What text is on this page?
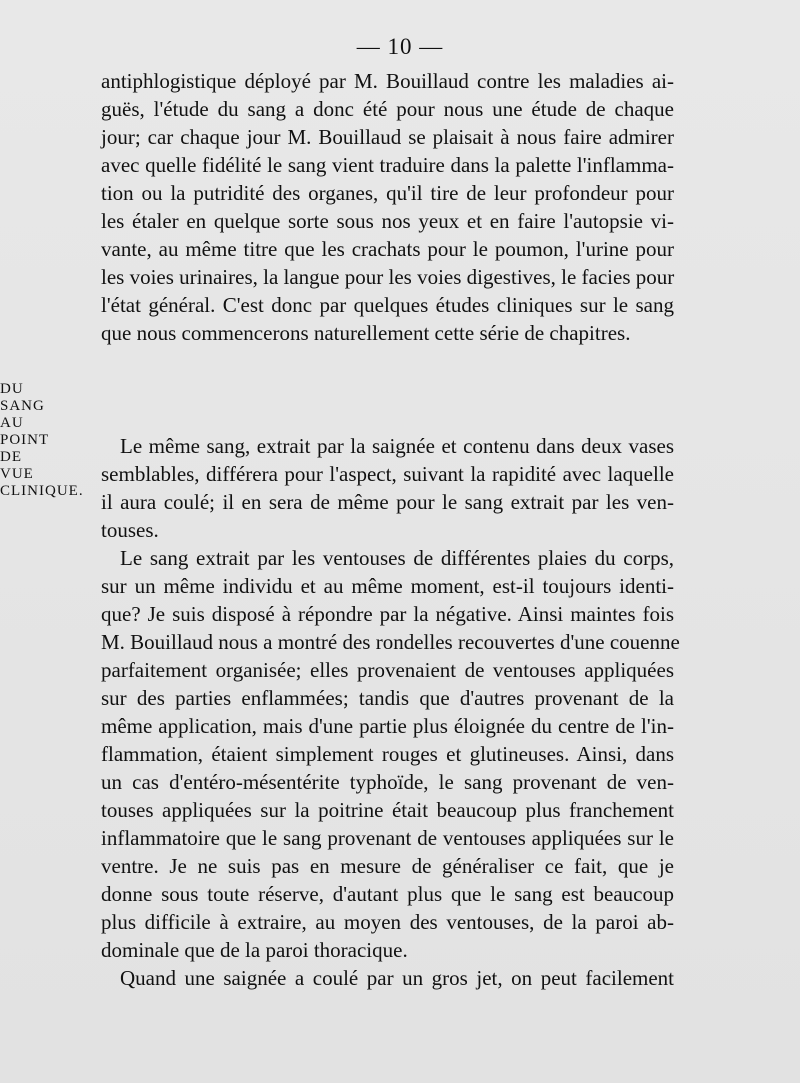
— 10 —
antiphlogistique déployé par M. Bouillaud contre les maladies ai-
guës, l'étude du sang a donc été pour nous une étude de chaque
jour; car chaque jour M. Bouillaud se plaisait à nous faire admirer
avec quelle fidélité le sang vient traduire dans la palette l'inflamma-
tion ou la putridité des organes, qu'il tire de leur profondeur pour
les étaler en quelque sorte sous nos yeux et en faire l'autopsie vi-
vante, au même titre que les crachats pour le poumon, l'urine pour
les voies urinaires, la langue pour les voies digestives, le facies pour
l'état général. C'est donc par quelques études cliniques sur le sang
que nous commencerons naturellement cette série de chapitres.
DU SANG AU POINT DE VUE CLINIQUE.
Le même sang, extrait par la saignée et contenu dans deux vases
semblables, différera pour l'aspect, suivant la rapidité avec laquelle
il aura coulé; il en sera de même pour le sang extrait par les ven-
touses.
Le sang extrait par les ventouses de différentes plaies du corps,
sur un même individu et au même moment, est-il toujours identi-
que? Je suis disposé à répondre par la négative. Ainsi maintes fois
M. Bouillaud nous a montré des rondelles recouvertes d'une couenne
parfaitement organisée; elles provenaient de ventouses appliquées
sur des parties enflammées; tandis que d'autres provenant de la
même application, mais d'une partie plus éloignée du centre de l'in-
flammation, étaient simplement rouges et glutineuses. Ainsi, dans
un cas d'entéro-mésentérite typhoïde, le sang provenant de ven-
touses appliquées sur la poitrine était beaucoup plus franchement
inflammatoire que le sang provenant de ventouses appliquées sur le
ventre. Je ne suis pas en mesure de généraliser ce fait, que je
donne sous toute réserve, d'autant plus que le sang est beaucoup
plus difficile à extraire, au moyen des ventouses, de la paroi ab-
dominale que de la paroi thoracique.
Quand une saignée a coulé par un gros jet, on peut facilement
